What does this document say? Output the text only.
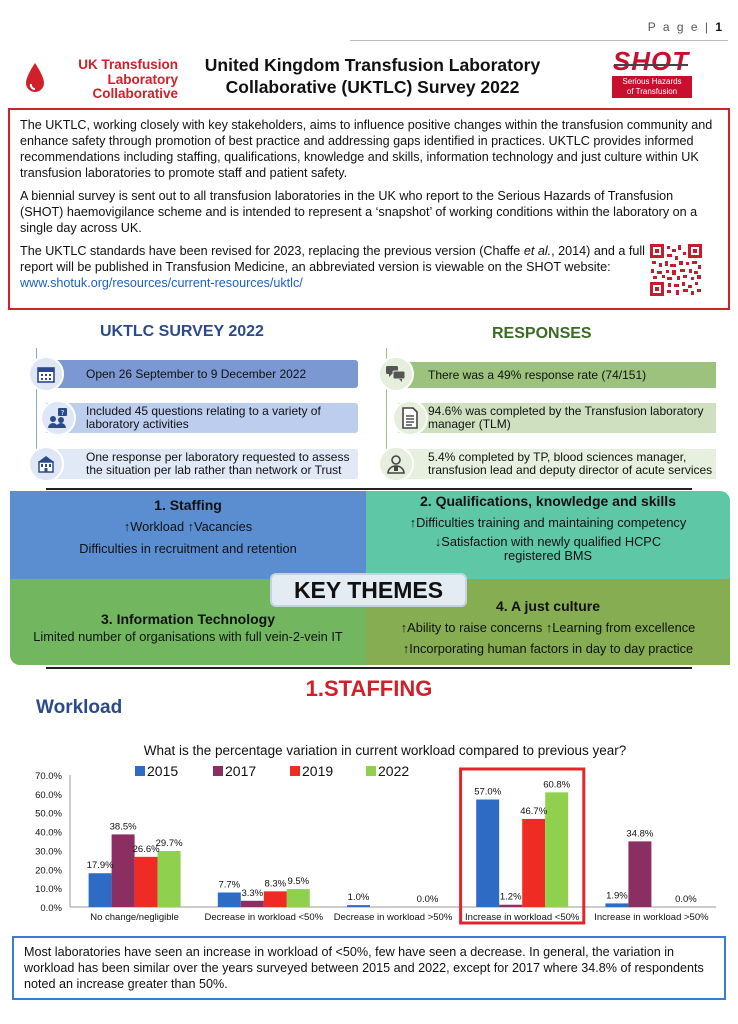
P a g e | 1
UK Transfusion
Laboratory
Collaborative
United Kingdom Transfusion Laboratory
Collaborative (UKTLC) Survey 2022
SHOT
Serious Hazards
of Transfusion

The UKTLC, working closely with key stakeholders, aims to influence positive changes within the transfusion community and enhance safety through promotion of best practice and addressing gaps identified in practices. UKTLC provides informed recommendations including staffing, qualifications, knowledge and skills, information technology and just culture within UK transfusion laboratories to promote staff and patient safety.

A biennial survey is sent out to all transfusion laboratories in the UK who report to the Serious Hazards of Transfusion (SHOT) haemovigilance scheme and is intended to represent a ‘snapshot’ of working conditions within the laboratory on a single day across UK.

The UKTLC standards have been revised for 2023, replacing the previous version (Chaffe et al., 2014) and a full report will be published in Transfusion Medicine, an abbreviated version is viewable on the SHOT website: www.shotuk.org/resources/current-resources/uktlc/

UKTLC SURVEY 2022	RESPONSES
Open 26 September to 9 December 2022
Included 45 questions relating to a variety of laboratory activities
?
One response per laboratory requested to assess the situation per lab rather than network or Trust
There was a 49% response rate (74/151)
94.6% was completed by the Transfusion laboratory manager (TLM)
5.4% completed by TP, blood sciences manager, transfusion lead and deputy director of acute services
1. Staffing
↑Workload ↑Vacancies
Difficulties in recruitment and retention
2. Qualifications, knowledge and skills
↑Difficulties training and maintaining competency
↓Satisfaction with newly qualified HCPC registered BMS
3. Information Technology
Limited number of organisations with full vein-2-vein IT
4. A just culture
↑Ability to raise concerns ↑Learning from excellence
↑Incorporating human factors in day to day practice
KEY THEMES
1.STAFFING
Workload
What is the percentage variation in current workload compared to previous year?
2015	2017	2019	2022
0.0%
10.0%
20.0%
30.0%
40.0%
50.0%
60.0%
70.0%
No change/negligible
17.9%
38.5%
26.6%
29.7%
Decrease in workload <50%
7.7%
3.3%
8.3% 9.5%
Decrease in workload >50%
1.0%	0.0%
Increase in workload <50%
57.0%
1.2%
46.7%
60.8%
Increase in workload >50%
1.9%
34.8%
0.0%
Most laboratories have seen an increase in workload of <50%, few have seen a decrease. In general, the variation in workload has been similar over the years surveyed between 2015 and 2022, except for 2017 where 34.8% of respondents noted an increase greater than 50%.
